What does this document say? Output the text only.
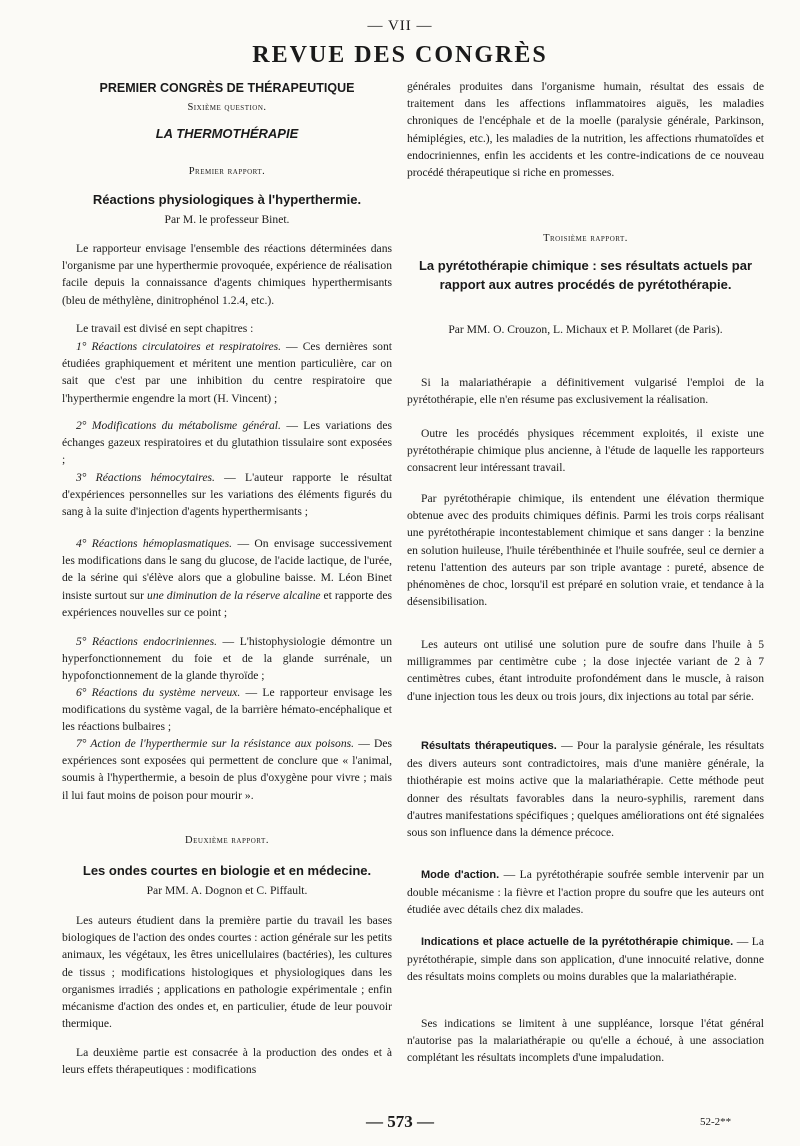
— VII —
REVUE DES CONGRÈS
PREMIER CONGRÈS DE THÉRAPEUTIQUE
Sixième question.
LA THERMOTHÉRAPIE
Premier rapport.
Réactions physiologiques à l'hyperthermie.
Par M. le professeur Binet.
Le rapporteur envisage l'ensemble des réactions déterminées dans l'organisme par une hyperthermie provoquée, expérience de réalisation facile depuis la connaissance d'agents chimiques hyperthermisants (bleu de méthylène, dinitrophénol 1.2.4, etc.).
Le travail est divisé en sept chapitres :
1° Réactions circulatoires et respiratoires. — Ces dernières sont étudiées graphiquement et méritent une mention particulière, car on sait que c'est par une inhibition du centre respiratoire que l'hyperthermie engendre la mort (H. Vincent) ;
2° Modifications du métabolisme général. — Les variations des échanges gazeux respiratoires et du glutathion tissulaire sont exposées ;
3° Réactions hémocytaires. — L'auteur rapporte le résultat d'expériences personnelles sur les variations des éléments figurés du sang à la suite d'injection d'agents hyperthermisants ;
4° Réactions hémoplasmatiques. — On envisage successivement les modifications dans le sang du glucose, de l'acide lactique, de l'urée, de la sérine qui s'élève alors que a globuline baisse. M. Léon Binet insiste surtout sur une diminution de la réserve alcaline et rapporte des expériences nouvelles sur ce point ;
5° Réactions endocriniennes. — L'histophysiologie démontre un hyperfonctionnement du foie et de la glande surrénale, un hypofonctionnement de la glande thyroïde ;
6° Réactions du système nerveux. — Le rapporteur envisage les modifications du système vagal, de la barrière hémato-encéphalique et les réactions bulbaires ;
7° Action de l'hyperthermie sur la résistance aux poisons. — Des expériences sont exposées qui permettent de conclure que « l'animal, soumis à l'hyperthermie, a besoin de plus d'oxygène pour vivre ; mais il lui faut moins de poison pour mourir ».
Deuxième rapport.
Les ondes courtes en biologie et en médecine.
Par MM. A. Dognon et C. Piffault.
Les auteurs étudient dans la première partie du travail les bases biologiques de l'action des ondes courtes : action générale sur les petits animaux, les végétaux, les êtres unicellulaires (bactéries), les cultures de tissus ; modifications histologiques et physiologiques dans les organismes irradiés ; applications en pathologie expérimentale ; enfin mécanisme d'action des ondes et, en particulier, étude de leur pouvoir thermique.
La deuxième partie est consacrée à la production des ondes et à leurs effets thérapeutiques : modifications
générales produites dans l'organisme humain, résultat des essais de traitement dans les affections inflammatoires aiguës, les maladies chroniques de l'encéphale et de la moelle (paralysie générale, Parkinson, hémiplégies, etc.), les maladies de la nutrition, les affections rhumatoïdes et endocriniennes, enfin les accidents et les contre-indications de ce nouveau procédé thérapeutique si riche en promesses.
Troisième rapport.
La pyrétothérapie chimique : ses résultats actuels par rapport aux autres procédés de pyrétothérapie.
Par MM. O. Crouzon, L. Michaux et P. Mollaret (de Paris).
Si la malariathérapie a définitivement vulgarisé l'emploi de la pyrétothérapie, elle n'en résume pas exclusivement la réalisation.
Outre les procédés physiques récemment exploités, il existe une pyrétothérapie chimique plus ancienne, à l'étude de laquelle les rapporteurs consacrent leur intéressant travail.
Par pyrétothérapie chimique, ils entendent une élévation thermique obtenue avec des produits chimiques définis. Parmi les trois corps réalisant une pyrétothérapie incontestablement chimique et sans danger : la benzine en solution huileuse, l'huile térébenthinée et l'huile soufrée, seul ce dernier a retenu l'attention des auteurs par son triple avantage : pureté, absence de phénomènes de choc, lorsqu'il est préparé en solution vraie, et tendance à la désensibilisation.
Les auteurs ont utilisé une solution pure de soufre dans l'huile à 5 milligrammes par centimètre cube ; la dose injectée variant de 2 à 7 centimètres cubes, étant introduite profondément dans le muscle, à raison d'une injection tous les deux ou trois jours, dix injections au total par série.
Résultats thérapeutiques. — Pour la paralysie générale, les résultats des divers auteurs sont contradictoires, mais d'une manière générale, la thiothérapie est moins active que la malariathérapie. Cette méthode peut donner des résultats favorables dans la neuro-syphilis, rarement dans d'autres manifestations spécifiques ; quelques améliorations ont été signalées sous son influence dans la démence précoce.
Mode d'action. — La pyrétothérapie soufrée semble intervenir par un double mécanisme : la fièvre et l'action propre du soufre que les auteurs ont étudiée avec détails chez dix malades.
Indications et place actuelle de la pyrétothérapie chimique. — La pyrétothérapie, simple dans son application, d'une innocuité relative, donne des résultats moins complets ou moins durables que la malariathérapie.
Ses indications se limitent à une suppléance, lorsque l'état général n'autorise pas la malariathérapie ou qu'elle a échoué, à une association complétant les résultats incomplets d'une impaludation.
— 573 —	52-2**
